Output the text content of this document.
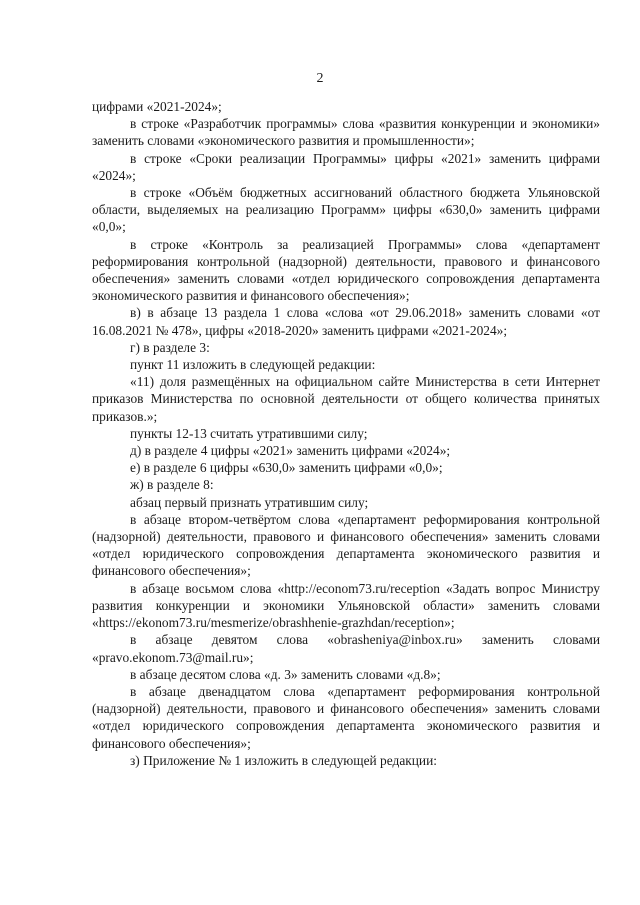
2

цифрами «2021-2024»;

в строке «Разработчик программы» слова «развития конкуренции и экономики» заменить словами «экономического развития и промышленности»;

в строке «Сроки реализации Программы» цифры «2021» заменить цифрами «2024»;

в строке «Объём бюджетных ассигнований областного бюджета Ульяновской области, выделяемых на реализацию Программ» цифры «630,0» заменить цифрами «0,0»;

в строке «Контроль за реализацией Программы» слова «департамент реформирования контрольной (надзорной) деятельности, правового и финансового обеспечения» заменить словами «отдел юридического сопровождения департамента экономического развития и финансового обеспечения»;

в) в абзаце 13 раздела 1 слова «слова «от 29.06.2018» заменить словами «от 16.08.2021 № 478», цифры «2018-2020» заменить цифрами «2021-2024»;

г) в разделе 3:

пункт 11 изложить в следующей редакции:

«11) доля размещённых на официальном сайте Министерства в сети Интернет приказов Министерства по основной деятельности от общего количества принятых приказов.»;

пункты 12-13 считать утратившими силу;

д) в разделе 4 цифры «2021» заменить цифрами «2024»;

е) в разделе 6 цифры «630,0» заменить цифрами «0,0»;

ж) в разделе 8:

абзац первый признать утратившим силу;

в абзаце втором-четвёртом слова «департамент реформирования контрольной (надзорной) деятельности, правового и финансового обеспечения» заменить словами «отдел юридического сопровождения департамента экономического развития и финансового обеспечения»;

в абзаце восьмом слова «http://econom73.ru/reception «Задать вопрос Министру развития конкуренции и экономики Ульяновской области» заменить словами «https://ekonom73.ru/mesmerize/obrashhenie-grazhdan/reception»;

в абзаце девятом слова «obrasheniya@inbox.ru» заменить словами «pravo.ekonom.73@mail.ru»;

в абзаце десятом слова «д. 3» заменить словами «д.8»;

в абзаце двенадцатом слова «департамент реформирования контрольной (надзорной) деятельности, правового и финансового обеспечения» заменить словами «отдел юридического сопровождения департамента экономического развития и финансового обеспечения»;

з) Приложение № 1 изложить в следующей редакции:
